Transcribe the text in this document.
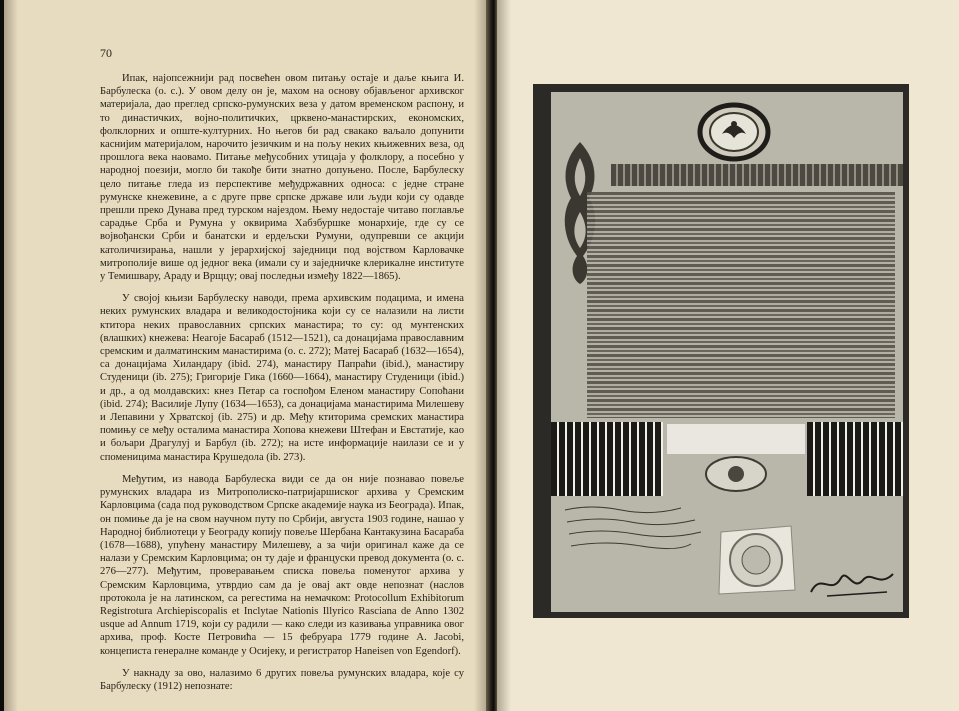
70

Ипак, најопсежнији рад посвећен овом питању остаје и даље књига И. Барбулеска (о. с.). У овом делу он је, махом на основу објављеног архивског материјала, дао преглед српско-румунских веза у датом временском распону, и то династичких, војно-политичких, црквено-манастирских, економских, фолклорних и опште-културних. Но његов би рад свакако ваљало допунити каснијим материјалом, нарочито језичким и на пољу неких књижевних веза, од прошлога века наовамо. Питање међусобних утицаја у фолклору, а посебно у народној поезији, могло би такође бити знатно допуњено. После, Барбулеску цело питање гледа из перспективе међудржавних односа: с једне стране румунске кнежевине, а с друге прве српске државе или људи који су одавде прешли преко Дунава пред турском најездом. Њему недостаје читаво поглавље сарадње Срба и Румуна у оквирима Хабзбуршке монархије, где су се војвођански Срби и банатски и ердељски Румуни, одупревши се акцији католичизирања, нашли у јерархијској заједници под војством Карловачке митрополије више од једног века (имали су и заједничке клерикалне институте у Темишвару, Араду и Врщцу; овај последњи између 1822—1865).

У својој књизи Барбулеску наводи, према архивским подацима, и имена неких румунских владара и великодостојника који су се налазили на листи ктитора неких православних српских манастира; то су: од мунтенских (влашких) кнежева: Неагоје Басараб (1512—1521), са донацијама православним сремским и далматинским манастирима (о. с. 272); Матеј Басараб (1632—1654), са донацијама Хиландару (ibid. 274), манастиру Папраћи (ibid.), манастиру Студеници (ib. 275); Григорије Гика (1660—1664), манастиру Студеници (ibid.) и др., а од молдавских: кнез Петар са госпођом Еленом манастиру Сопоћани (ibid. 274); Василије Лупу (1634—1653), са донацијама манастирима Милешеву и Лепавини у Хрватској (ib. 275) и др. Међу ктиторима сремских манастира помињу се међу осталима манастира Хопова кнежеви Штефан и Евстатије, као и бољари Драгулуј и Барбул (ib. 272); на исте информације наилази се и у споменицима манастира Крушедола (ib. 273).

Међутим, из навода Барбулеска види се да он није познавао повеље румунских владара из Митрополиско-патријаршиског архива у Сремским Карловцима (сада под руководством Српске академије наука из Београда). Ипак, он помиње да је на свом научном путу по Србији, августа 1903 године, нашао у Народној библиотеци у Београду копију повеље Шербана Кантакузина Басараба (1678—1688), упућену манастиру Милешеву, а за чији оригинал каже да се налази у Сремским Карловцима; он ту даје и француски превод документа (о. с. 276—277). Међутим, проверавањем списка повеља поменутог архива у Сремским Карловцима, утврдио сам да је овај акт овде непознат (наслов протокола је на латинском, са регестима на немачком: Protocollum Exhibitorum Registrotura Archiepiscopalis et Inclytae Nationis Illyrico Rasciana de Anno 1302 usque ad Annum 1719, који су радили — како следи из казивања управника овог архива, проф. Косте Петровића — 15 фебруара 1779 године А. Jacobi, концеписта генералне команде у Осијеку, и регистратор Haneisen von Egendorf).

У накнаду за ово, налазимо 6 других повеља румунских владара, које су Барбулеску (1912) непознате:
